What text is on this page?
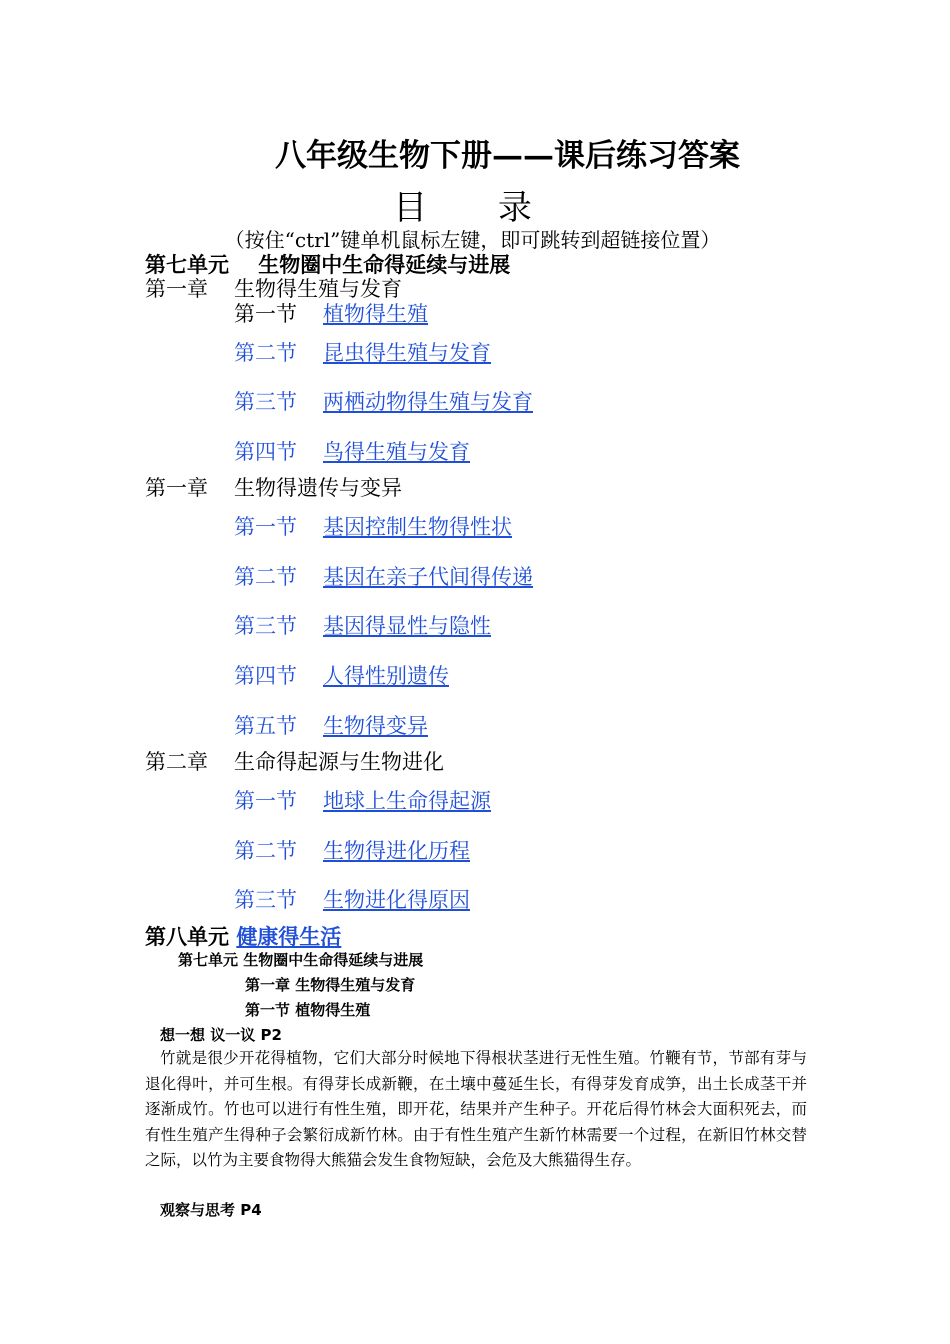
八年级生物下册——课后练习答案
目 录
（按住“ctrl”键单机鼠标左键，即可跳转到超链接位置）
第七单元 生物圈中生命得延续与进展
第一章 生物得生殖与发育
第一节 植物得生殖
第二节 昆虫得生殖与发育
第三节 两栖动物得生殖与发育
第四节 鸟得生殖与发育
第一章 生物得遗传与变异
第一节 基因控制生物得性状
第二节 基因在亲子代间得传递
第三节 基因得显性与隐性
第四节 人得性别遗传
第五节 生物得变异
第二章 生命得起源与生物进化
第一节 地球上生命得起源
第二节 生物得进化历程
第三节 生物进化得原因
第八单元 健康得生活
第七单元 生物圈中生命得延续与进展
第一章 生物得生殖与发育
第一节 植物得生殖
想一想 议一议 P2
竹就是很少开花得植物，它们大部分时候地下得根状茎进行无性生殖。竹鞭有节，节部有芽与退化得叶，并可生根。有得芽长成新鞭，在土壤中蔓延生长，有得芽发育成笋，出土长成茎干并逐渐成竹。竹也可以进行有性生殖，即开花，结果并产生种子。开花后得竹林会大面积死去，而有性生殖产生得种子会繁衍成新竹林。由于有性生殖产生新竹林需要一个过程，在新旧竹林交替之际，以竹为主要食物得大熊猫会发生食物短缺，会危及大熊猫得生存。
观察与思考 P4
